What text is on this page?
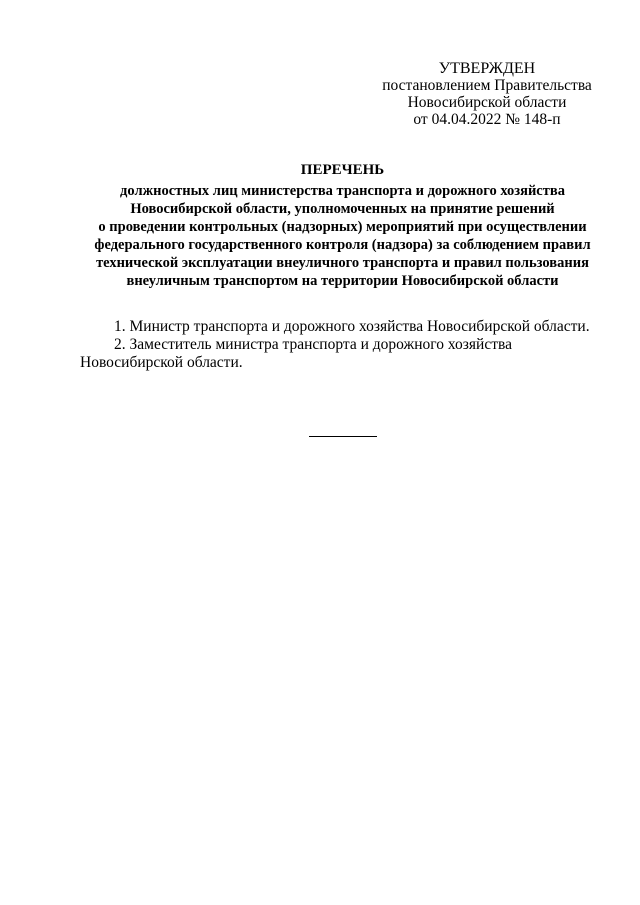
УТВЕРЖДЕН
постановлением Правительства
Новосибирской области
от 04.04.2022 № 148-п
ПЕРЕЧЕНЬ
должностных лиц министерства транспорта и дорожного хозяйства
Новосибирской области, уполномоченных на принятие решений
о проведении контрольных (надзорных) мероприятий при осуществлении
федерального государственного контроля (надзора) за соблюдением правил
технической эксплуатации внеуличного транспорта и правил пользования
внеуличным транспортом на территории Новосибирской области
1. Министр транспорта и дорожного хозяйства Новосибирской области.
2. Заместитель министра транспорта и дорожного хозяйства Новосибирской области.
